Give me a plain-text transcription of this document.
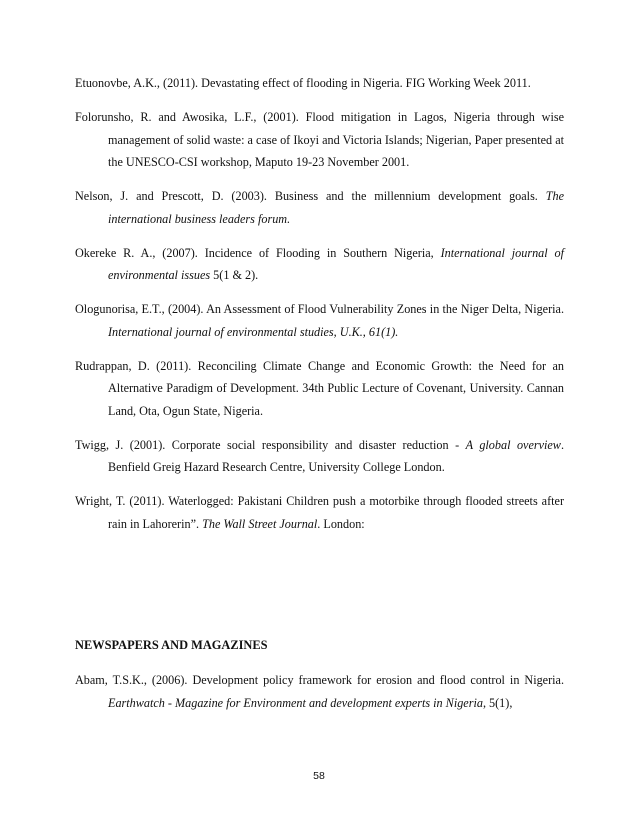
Etuonovbe, A.K., (2011). Devastating effect of flooding in Nigeria. FIG Working Week 2011.

Folorunsho, R. and Awosika, L.F., (2001). Flood mitigation in Lagos, Nigeria through wise management of solid waste: a case of Ikoyi and Victoria Islands; Nigerian, Paper presented at the UNESCO-CSI workshop, Maputo 19-23 November 2001.

Nelson, J. and Prescott, D. (2003). Business and the millennium development goals. The international business leaders forum.

Okereke R. A., (2007). Incidence of Flooding in Southern Nigeria, International journal of environmental issues 5(1 & 2).

Ologunorisa, E.T., (2004). An Assessment of Flood Vulnerability Zones in the Niger Delta, Nigeria. International journal of environmental studies, U.K., 61(1).

Rudrappan, D. (2011). Reconciling Climate Change and Economic Growth: the Need for an Alternative Paradigm of Development. 34th Public Lecture of Covenant, University. Cannan Land, Ota, Ogun State, Nigeria.

Twigg, J. (2001). Corporate social responsibility and disaster reduction - A global overview. Benfield Greig Hazard Research Centre, University College London.

Wright, T. (2011). Waterlogged: Pakistani Children push a motorbike through flooded streets after rain in Lahorerin”. The Wall Street Journal. London:

NEWSPAPERS AND MAGAZINES

Abam, T.S.K., (2006). Development policy framework for erosion and flood control in Nigeria. Earthwatch - Magazine for Environment and development experts in Nigeria, 5(1),

58
